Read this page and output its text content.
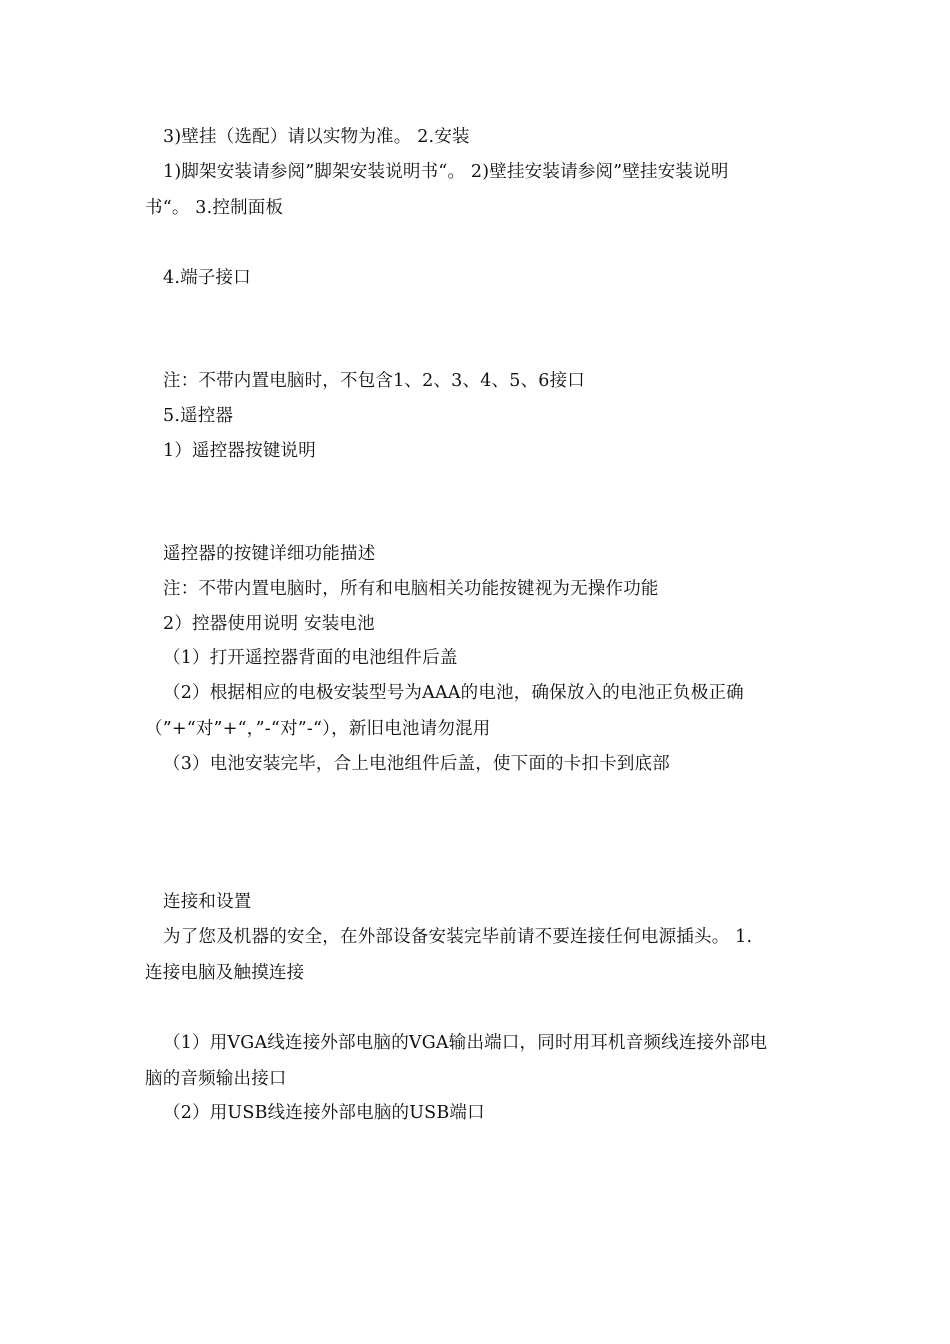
3)壁挂（选配）请以实物为准。 2.安装
1)脚架安装请参阅”脚架安装说明书“。 2)壁挂安装请参阅”壁挂安装说明
书“。 3.控制面板
4.端子接口
注：不带内置电脑时，不包含1、2、3、4、5、6接口
5.遥控器
1）遥控器按键说明
遥控器的按键详细功能描述
注：不带内置电脑时，所有和电脑相关功能按键视为无操作功能
2）控器使用说明 安装电池
（1）打开遥控器背面的电池组件后盖
（2）根据相应的电极安装型号为AAA的电池，确保放入的电池正负极正确
（”+“对”+“，”-“对”-“），新旧电池请勿混用
（3）电池安装完毕，合上电池组件后盖，使下面的卡扣卡到底部
连接和设置
为了您及机器的安全，在外部设备安装完毕前请不要连接任何电源插头。 1.
连接电脑及触摸连接
（1）用VGA线连接外部电脑的VGA输出端口，同时用耳机音频线连接外部电
脑的音频输出接口
（2）用USB线连接外部电脑的USB端口
